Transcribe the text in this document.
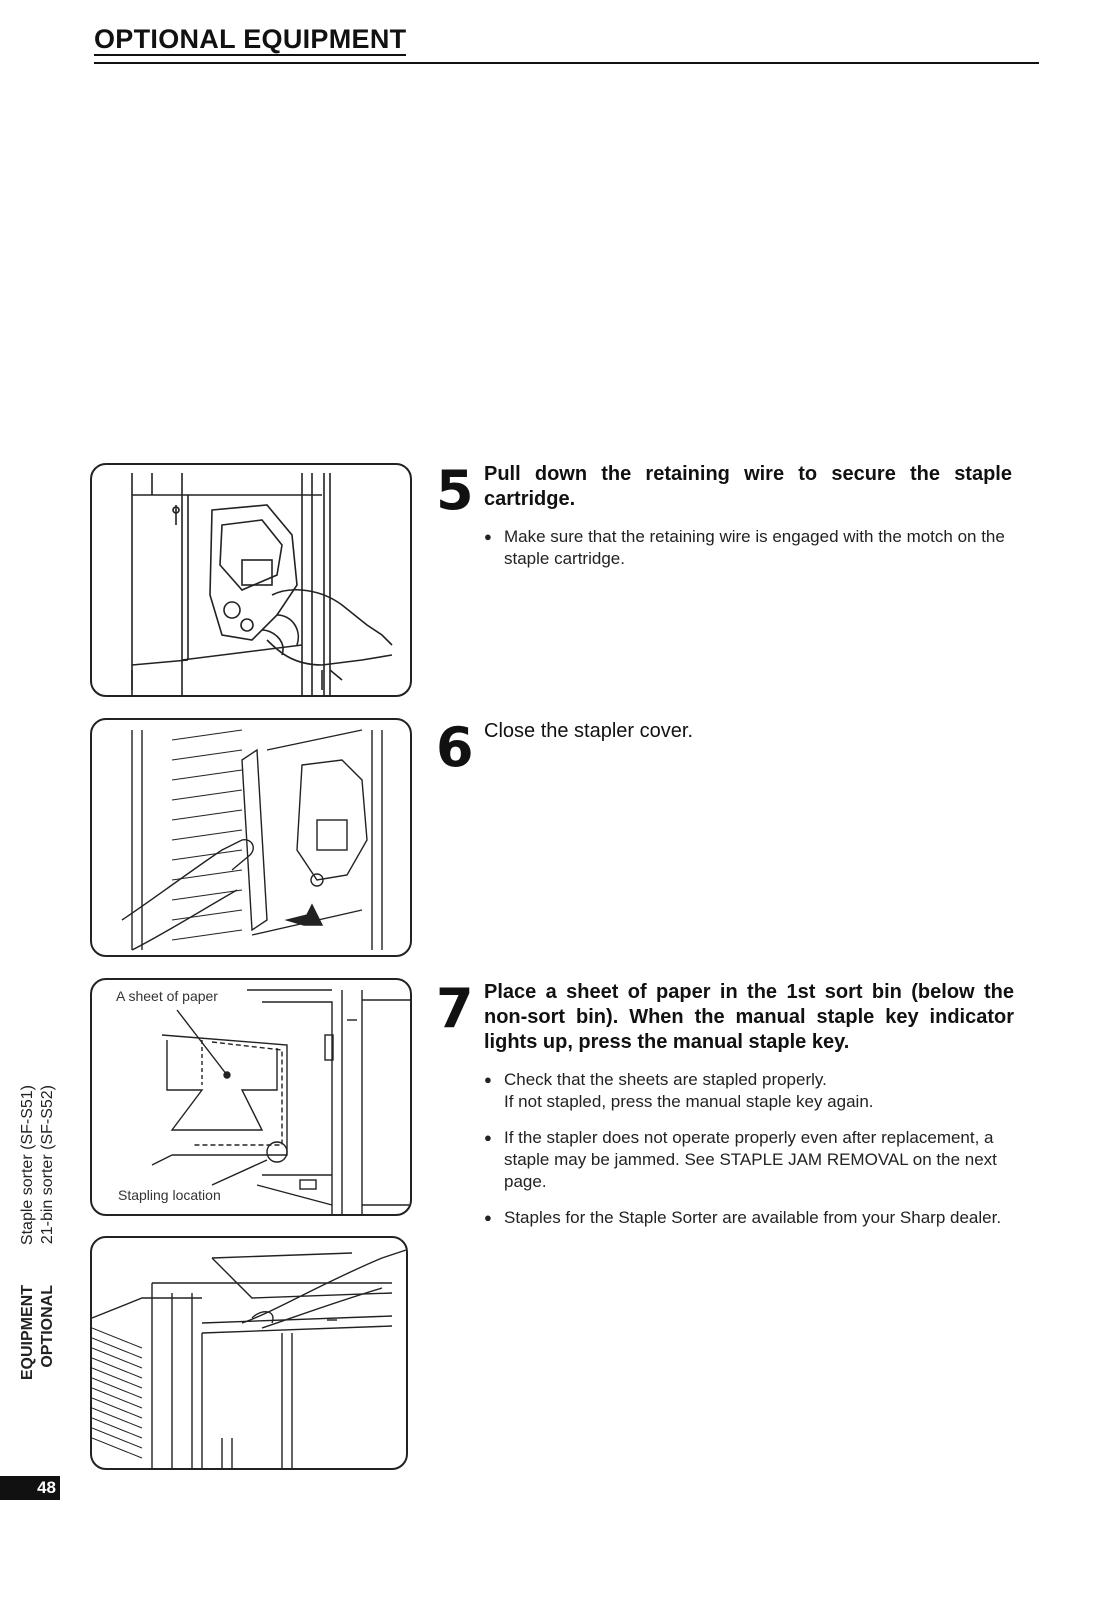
OPTIONAL EQUIPMENT
A sheet of paper
Stapling location
5 Pull down the retaining wire to secure the staple cartridge.
● Make sure that the retaining wire is engaged with the motch on the staple cartridge.
6 Close the stapler cover.
7 Place a sheet of paper in the 1st sort bin (below the non-sort bin). When the manual staple key indicator lights up, press the manual staple key.
● Check that the sheets are stapled properly.
If not stapled, press the manual staple key again.
● If the stapler does not operate properly even after replacement, a staple may be jammed. See STAPLE JAM REMOVAL on the next page.
● Staples for the Staple Sorter are available from your Sharp dealer.
21-bin sorter (SF-S52)
Staple sorter (SF-S51)
OPTIONAL
EQUIPMENT
48
